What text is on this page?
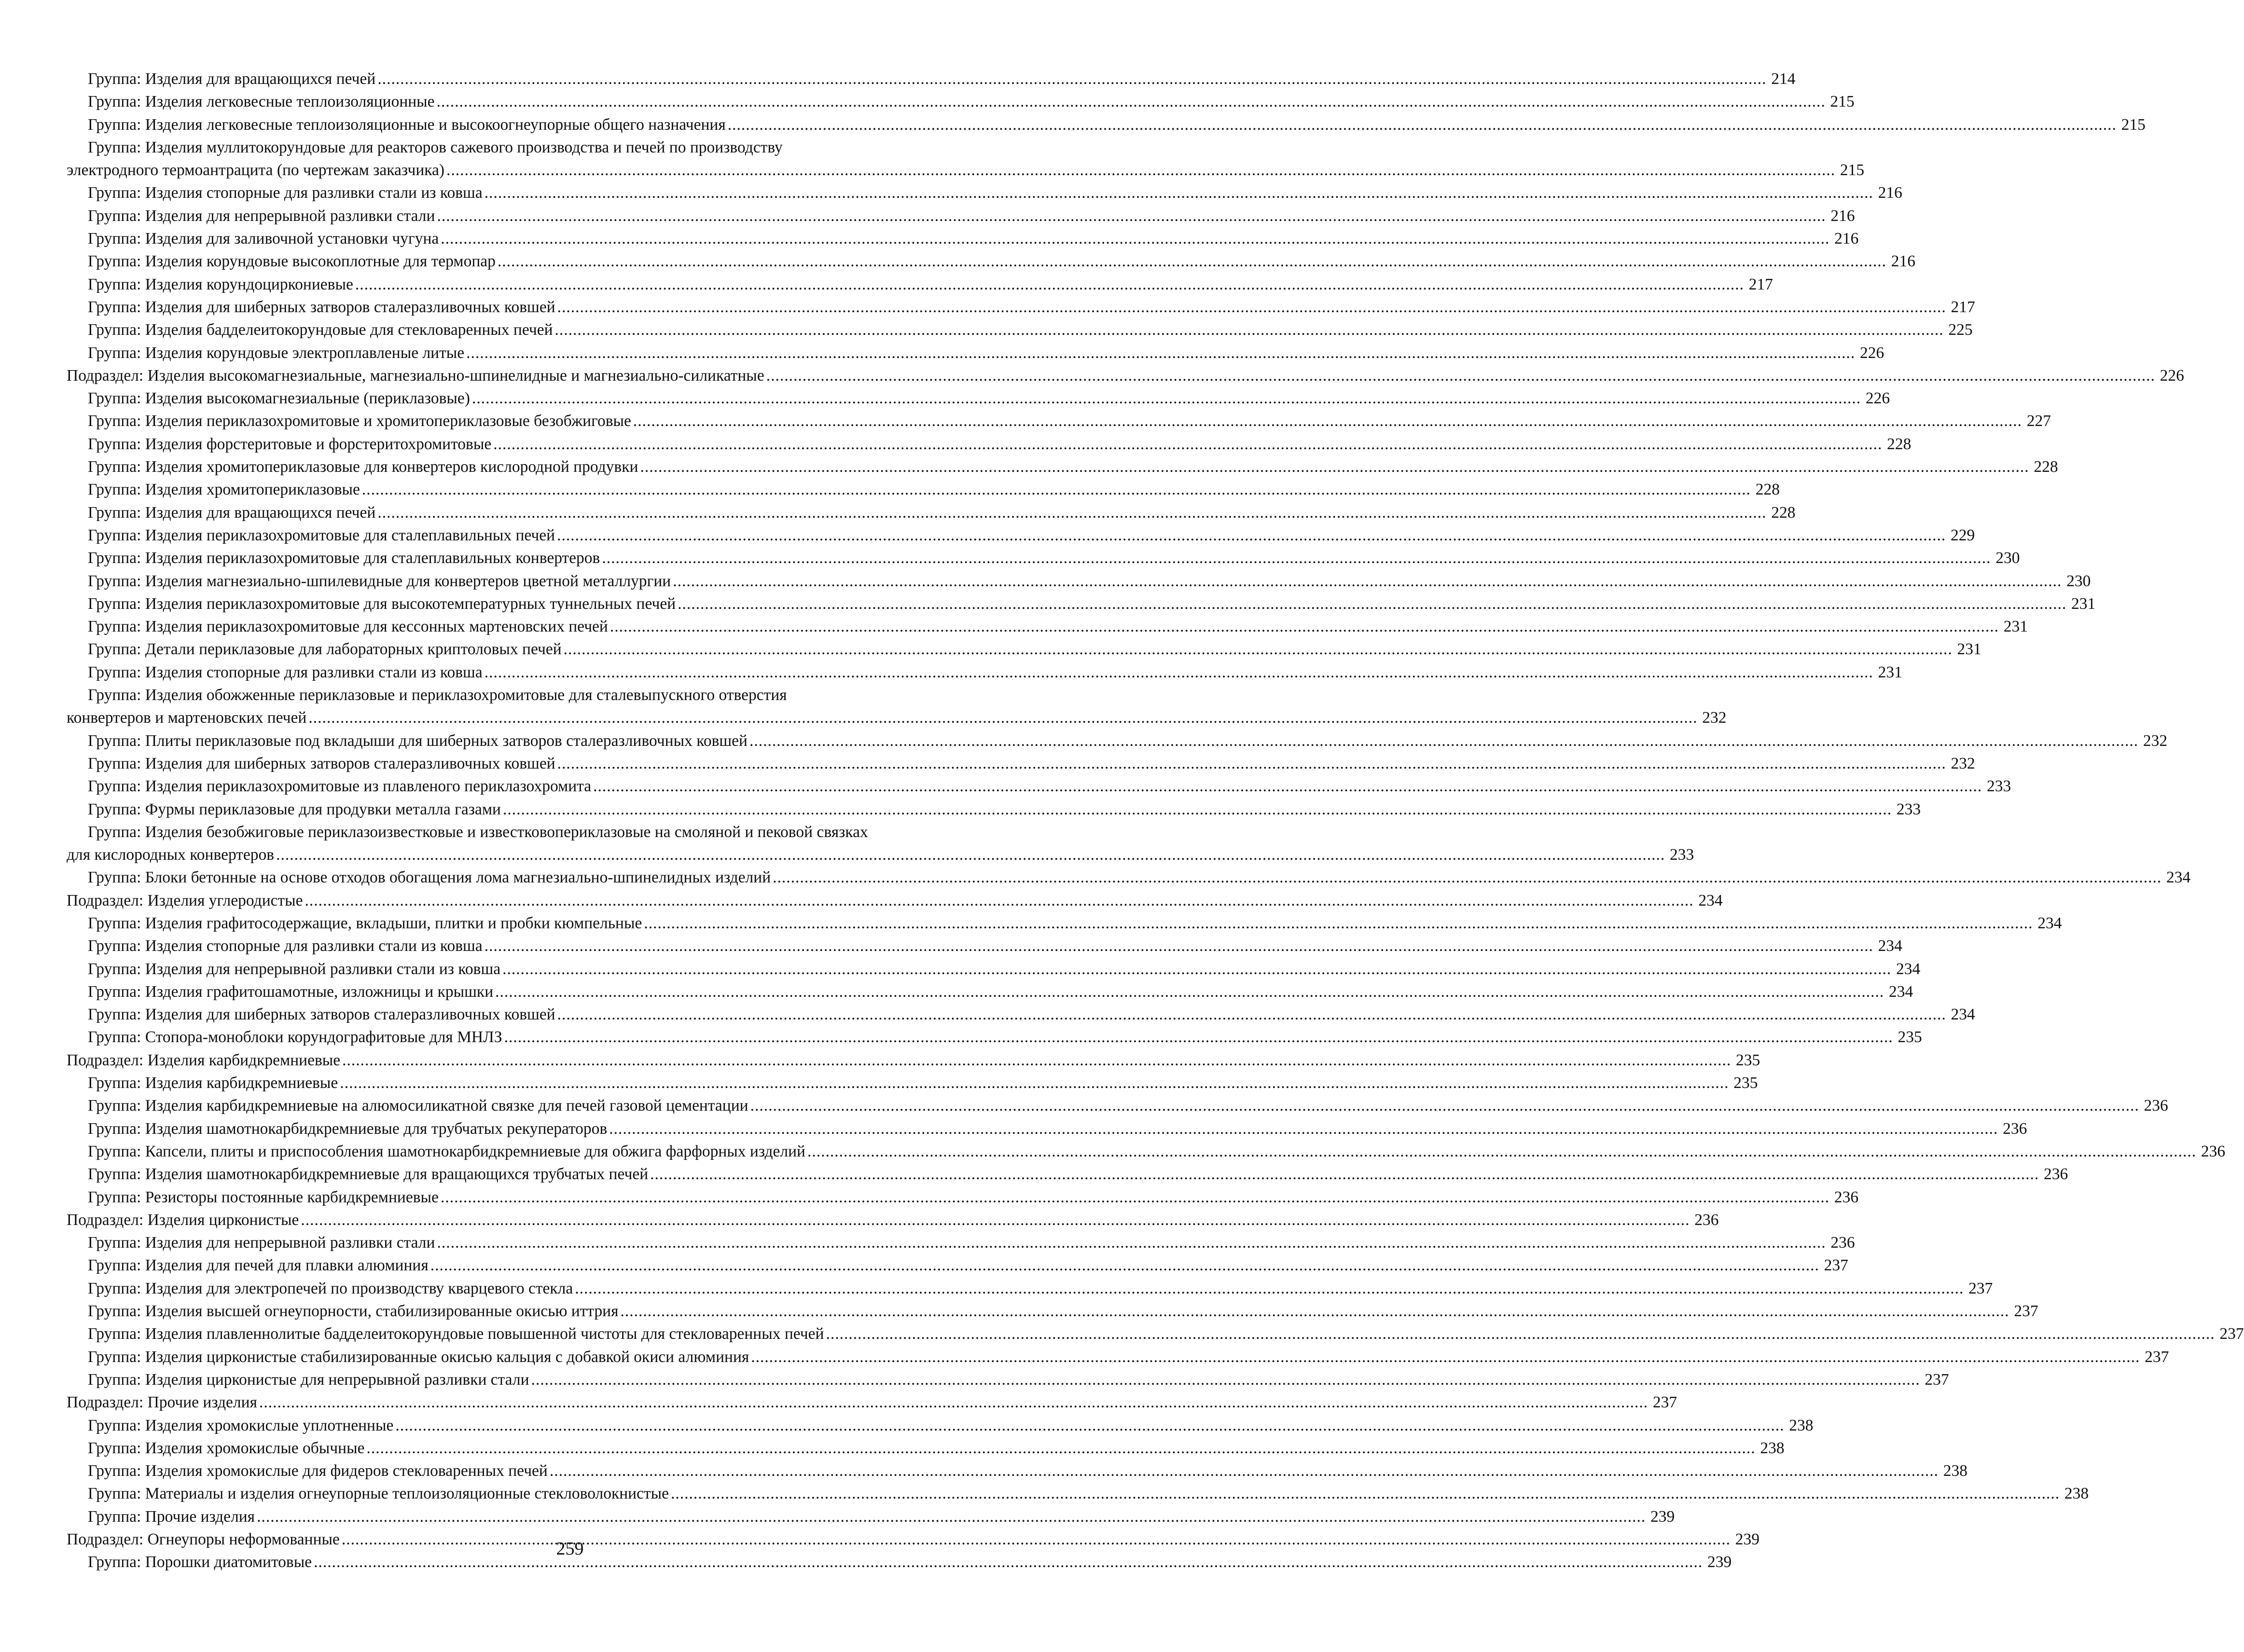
Группа: Изделия для вращающихся печей .....	214
Группа: Изделия легковесные теплоизоляционные .....	215
Группа: Изделия легковесные теплоизоляционные и высокоогнеупорные общего назначения .....	215
Группа: Изделия муллитокорундовые для реакторов сажевого производства и печей по производству
электродного термоантрацита (по чертежам заказчика) .....	215
Группа: Изделия стопорные для разливки стали из ковша .....	216
Группа: Изделия для непрерывной разливки стали .....	216
Группа: Изделия для заливочной установки чугуна .....	216
Группа: Изделия корундовые высокоплотные для термопар .....	216
Группа: Изделия корундоциркониевые .....	217
Группа: Изделия для шиберных затворов сталеразливочных ковшей .....	217
Группа: Изделия бадделеитокорундовые для стекловаренных печей .....	225
Группа: Изделия корундовые электроплавленые литые .....	226
Подраздел: Изделия высокомагнезиальные, магнезиально-шпинелидные и магнезиально-силикатные .....	226
Группа: Изделия высокомагнезиальные (периклазовые) .....	226
Группа: Изделия периклазохромитовые и хромитопериклазовые безобжиговые .....	227
Группа: Изделия форстеритовые и форстеритохромитовые .....	228
Группа: Изделия хромитопериклазовые для конвертеров кислородной продувки .....	228
Группа: Изделия хромитопериклазовые .....	228
Группа: Изделия для вращающихся печей .....	228
Группа: Изделия периклазохромитовые для сталеплавильных печей .....	229
Группа: Изделия периклазохромитовые для сталеплавильных конвертеров .....	230
Группа: Изделия магнезиально-шпилевидные для конвертеров цветной металлургии .....	230
Группа: Изделия периклазохромитовые для высокотемпературных туннельных печей .....	231
Группа: Изделия периклазохромитовые для кессонных мартеновских печей .....	231
Группа: Детали периклазовые для лабораторных криптоловых печей .....	231
Группа: Изделия стопорные для разливки стали из ковша .....	231
Группа: Изделия обожженные периклазовые и периклазохромитовые для сталевыпускного отверстия
конвертеров и мартеновских печей .....	232
Группа: Плиты периклазовые под вкладыши для шиберных затворов сталеразливочных ковшей .....	232
Группа: Изделия для шиберных затворов сталеразливочных ковшей .....	232
Группа: Изделия периклазохромитовые из плавленого периклазохромита .....	233
Группа: Фурмы периклазовые для продувки металла газами .....	233
Группа: Изделия безобжиговые периклазоизвестковые и известковопериклазовые на смоляной и пековой связках
для кислородных конвертеров .....	233
Группа: Блоки бетонные на основе отходов обогащения лома магнезиально-шпинелидных изделий .....	234
Подраздел: Изделия углеродистые .....	234
Группа: Изделия графитосодержащие, вкладыши, плитки и пробки кюмпельные .....	234
Группа: Изделия стопорные для разливки стали из ковша .....	234
Группа: Изделия для непрерывной разливки стали из ковша .....	234
Группа: Изделия графитошамотные, изложницы и крышки .....	234
Группа: Изделия для шиберных затворов сталеразливочных ковшей .....	234
Группа: Стопора-моноблоки корундографитовые для МНЛЗ .....	235
Подраздел: Изделия карбидкремниевые .....	235
Группа: Изделия карбидкремниевые .....	235
Группа: Изделия карбидкремниевые на алюмосиликатной связке для печей газовой цементации .....	236
Группа: Изделия шамотнокарбидкремниевые для трубчатых рекуператоров .....	236
Группа: Капсели, плиты и приспособления шамотнокарбидкремниевые для обжига фарфорных изделий .....	236
Группа: Изделия шамотнокарбидкремниевые для вращающихся трубчатых печей .....	236
Группа: Резисторы постоянные карбидкремниевые .....	236
Подраздел: Изделия цирконистые .....	236
Группа: Изделия для непрерывной разливки стали .....	236
Группа: Изделия для печей для плавки алюминия .....	237
Группа: Изделия для электропечей по производству кварцевого стекла .....	237
Группа: Изделия высшей огнеупорности, стабилизированные окисью иттрия .....	237
Группа: Изделия плавленнолитые бадделеитокорундовые повышенной чистоты для стекловаренных печей .....	237
Группа: Изделия цирконистые стабилизированные окисью кальция с добавкой окиси алюминия .....	237
Группа: Изделия цирконистые для непрерывной разливки стали .....	237
Подраздел: Прочие изделия .....	237
Группа: Изделия хромокислые уплотненные .....	238
Группа: Изделия хромокислые обычные .....	238
Группа: Изделия хромокислые для фидеров стекловаренных печей .....	238
Группа: Материалы и изделия огнеупорные теплоизоляционные стекловолокнистые .....	238
Группа: Прочие изделия .....	239
Подраздел: Огнеупоры неформованные .....	239
Группа: Порошки диатомитовые .....	239
259
